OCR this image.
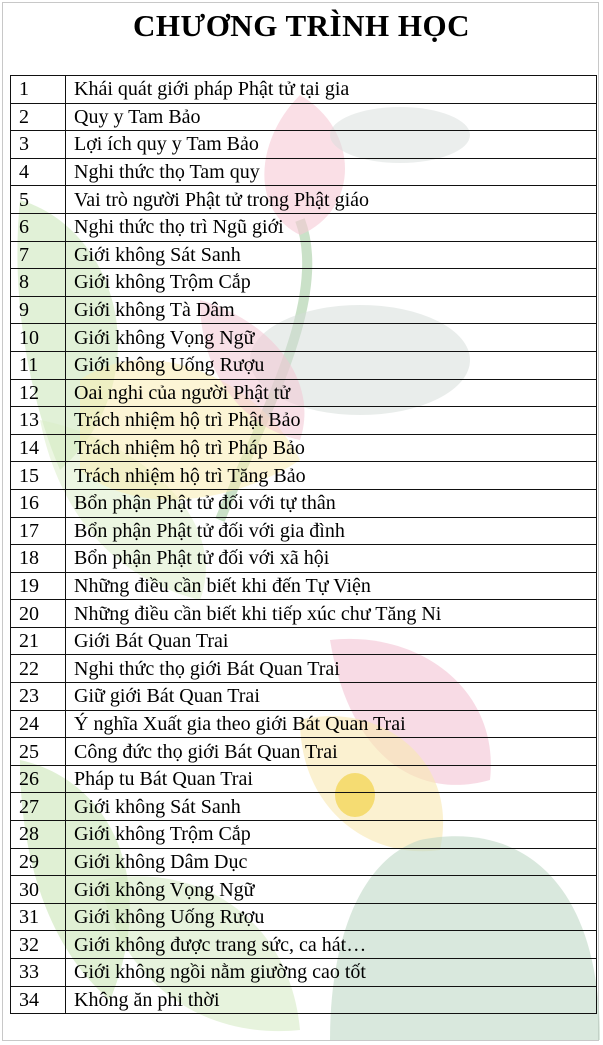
CHƯƠNG TRÌNH HỌC
1	Khái quát giới pháp Phật tử tại gia
2	Quy y Tam Bảo
3	Lợi ích quy y Tam Bảo
4	Nghi thức thọ Tam quy
5	Vai trò người Phật tử trong Phật giáo
6	Nghi thức thọ trì Ngũ giới
7	Giới không Sát Sanh
8	Giới không Trộm Cắp
9	Giới không Tà Dâm
10	Giới không Vọng Ngữ
11	Giới không Uống Rượu
12	Oai nghi của người Phật tử
13	Trách nhiệm hộ trì Phật Bảo
14	Trách nhiệm hộ trì Pháp Bảo
15	Trách nhiệm hộ trì Tăng Bảo
16	Bổn phận Phật tử đối với tự thân
17	Bổn phận Phật tử đối với gia đình
18	Bổn phận Phật tử đối với xã hội
19	Những điều cần biết khi đến Tự Viện
20	Những điều cần biết khi tiếp xúc chư Tăng Ni
21	Giới Bát Quan Trai
22	Nghi thức thọ giới Bát Quan Trai
23	Giữ giới Bát Quan Trai
24	Ý nghĩa Xuất gia theo giới Bát Quan Trai
25	Công đức thọ giới Bát Quan Trai
26	Pháp tu Bát Quan Trai
27	Giới không Sát Sanh
28	Giới không Trộm Cắp
29	Giới không Dâm Dục
30	Giới không Vọng Ngữ
31	Giới không Uống Rượu
32	Giới không được trang sức, ca hát…
33	Giới không ngồi nằm giường cao tốt
34	Không ăn phi thời
